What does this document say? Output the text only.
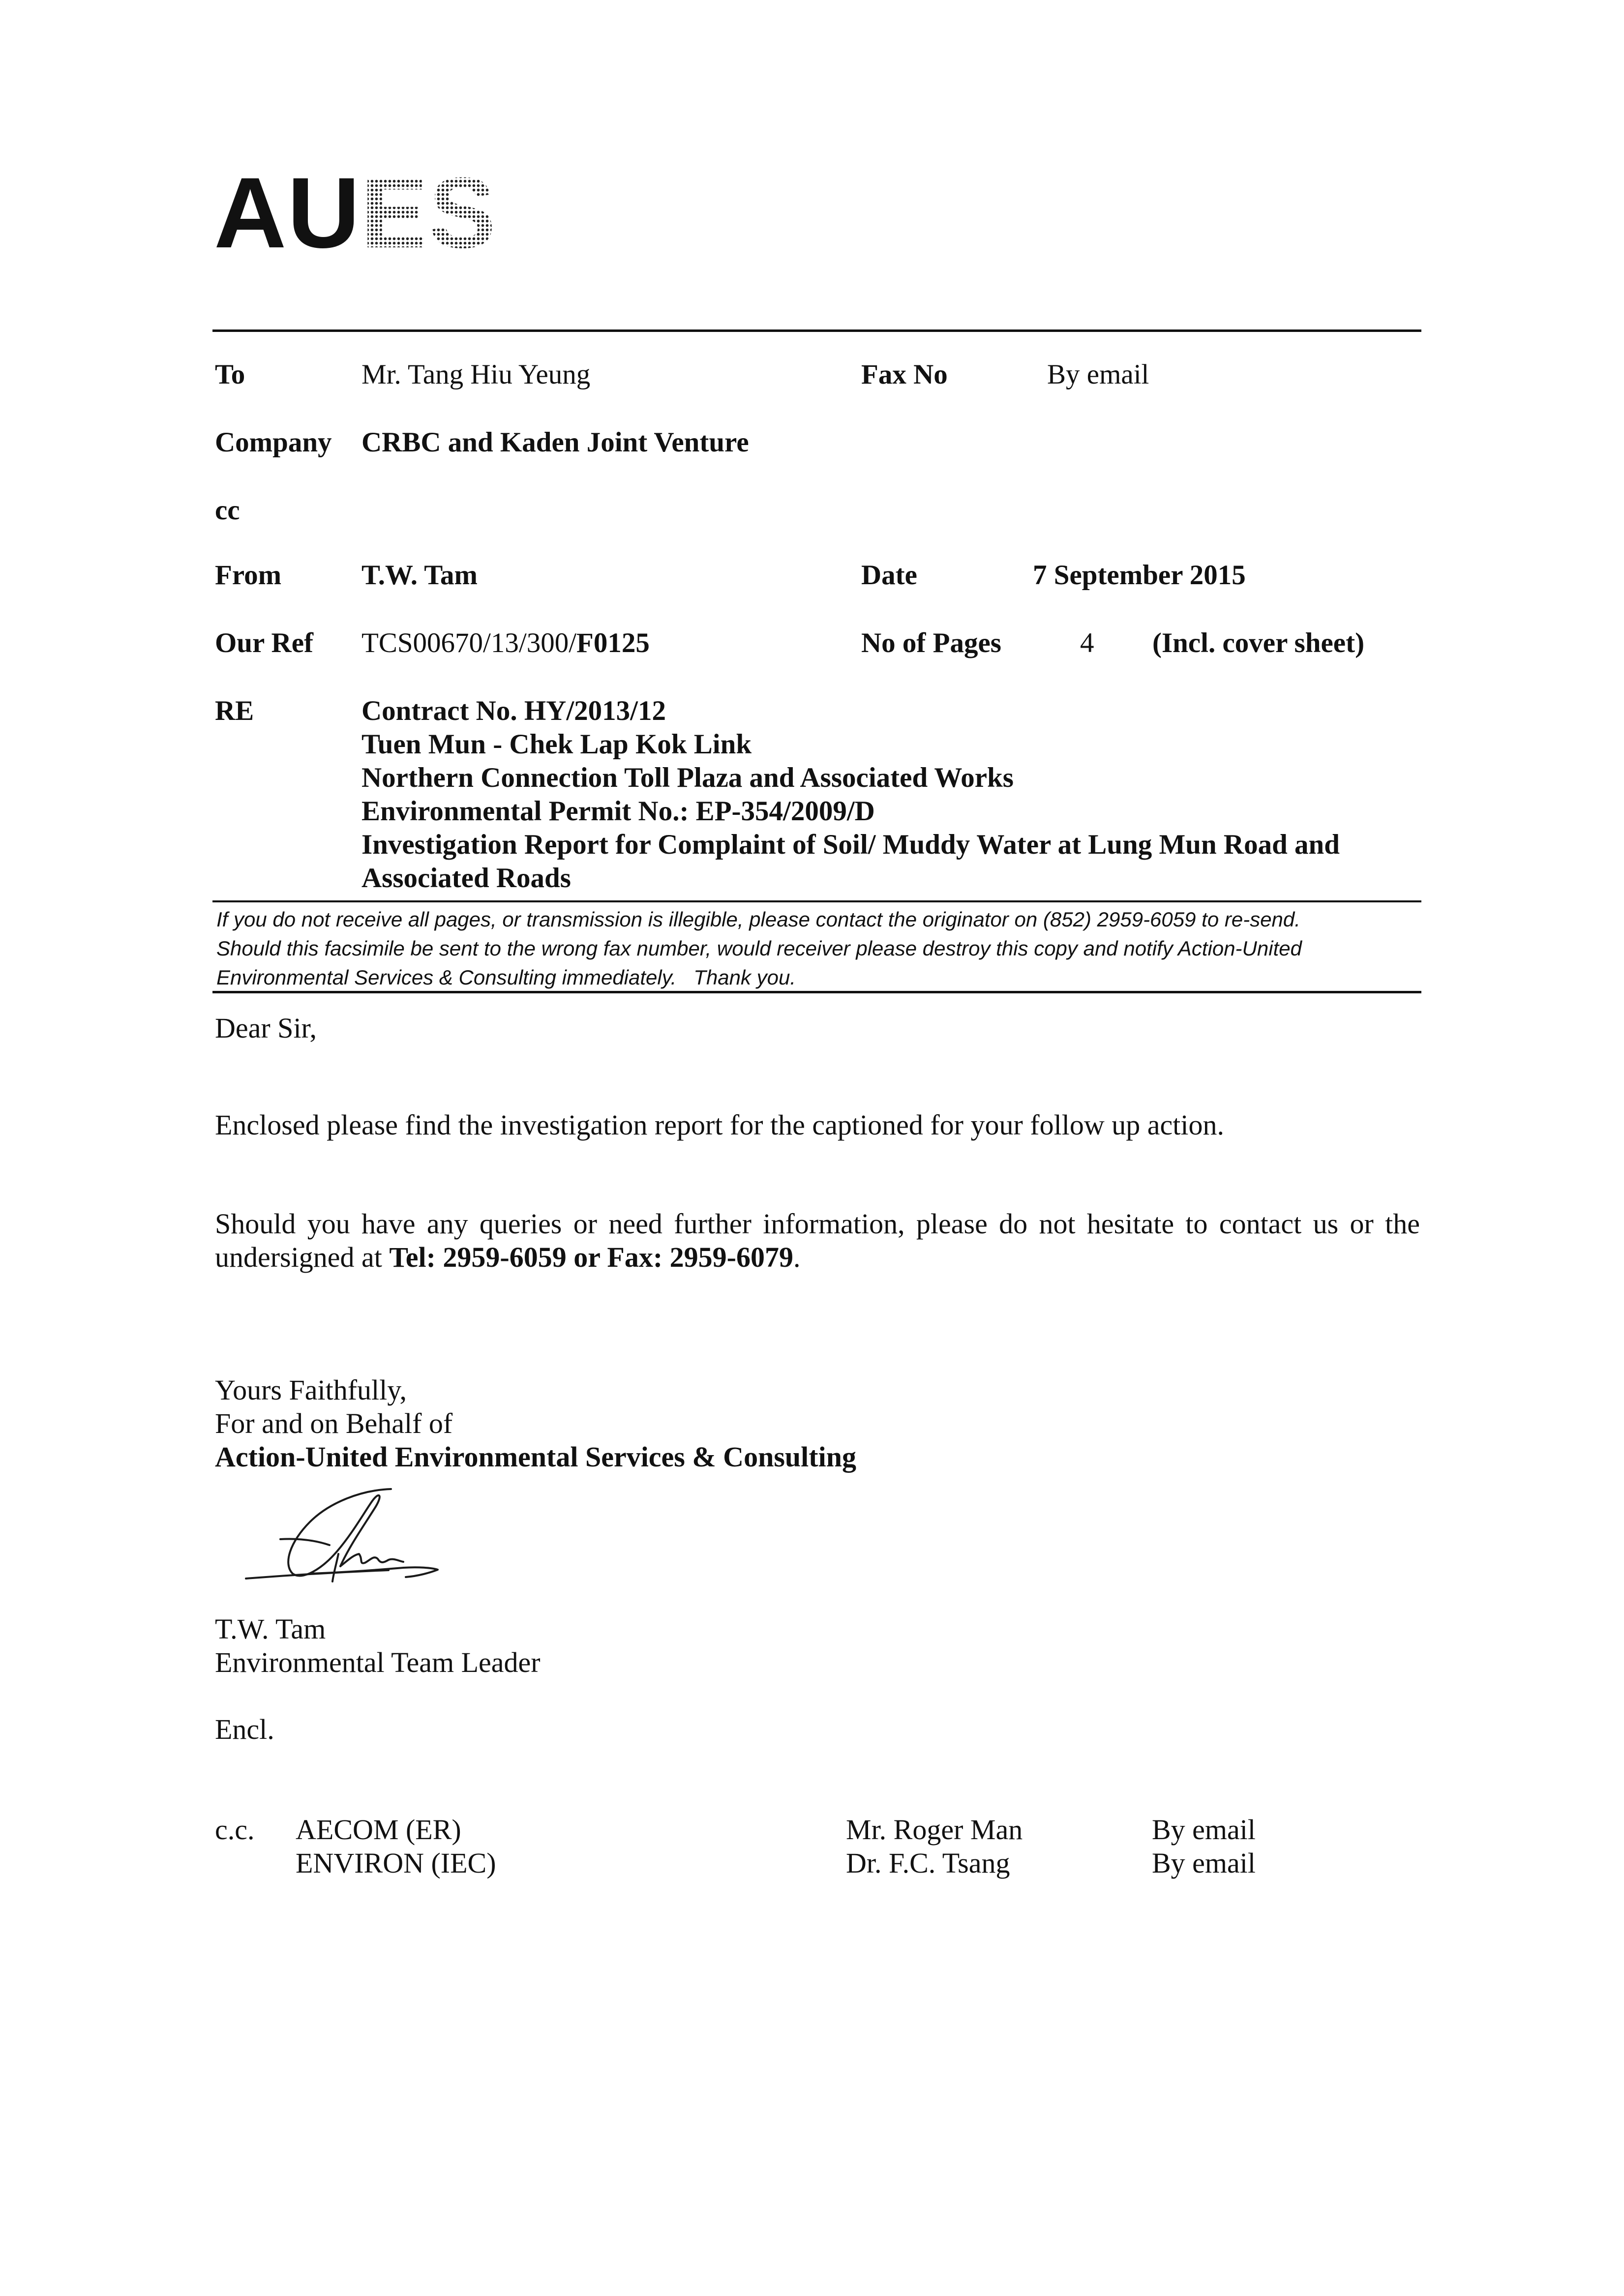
AUES
To	Mr. Tang Hiu Yeung	Fax No	By email
Company CRBC and Kaden Joint Venture
cc
From	T.W. Tam	Date	7 September 2015
Our Ref TCS00670/13/300/F0125	No of Pages	4 (Incl. cover sheet)
RE	Contract No. HY/2013/12
Tuen Mun - Chek Lap Kok Link
Northern Connection Toll Plaza and Associated Works
Environmental Permit No.: EP-354/2009/D
Investigation Report for Complaint of Soil/ Muddy Water at Lung Mun Road and
Associated Roads
If you do not receive all pages, or transmission is illegible, please contact the originator on (852) 2959-6059 to re-send.
Should this facsimile be sent to the wrong fax number, would receiver please destroy this copy and notify Action-United
Environmental Services & Consulting immediately.   Thank you.
Dear Sir,
Enclosed please find the investigation report for the captioned for your follow up action.
Should you have any queries or need further information, please do not hesitate to contact us or the undersigned at Tel: 2959-6059 or Fax: 2959-6079.
Yours Faithfully,
For and on Behalf of
Action-United Environmental Services & Consulting
T.W. Tam
Environmental Team Leader
Encl.
c.c. AECOM (ER)	Mr. Roger Man	By email
ENVIRON (IEC)	Dr. F.C. Tsang	By email
